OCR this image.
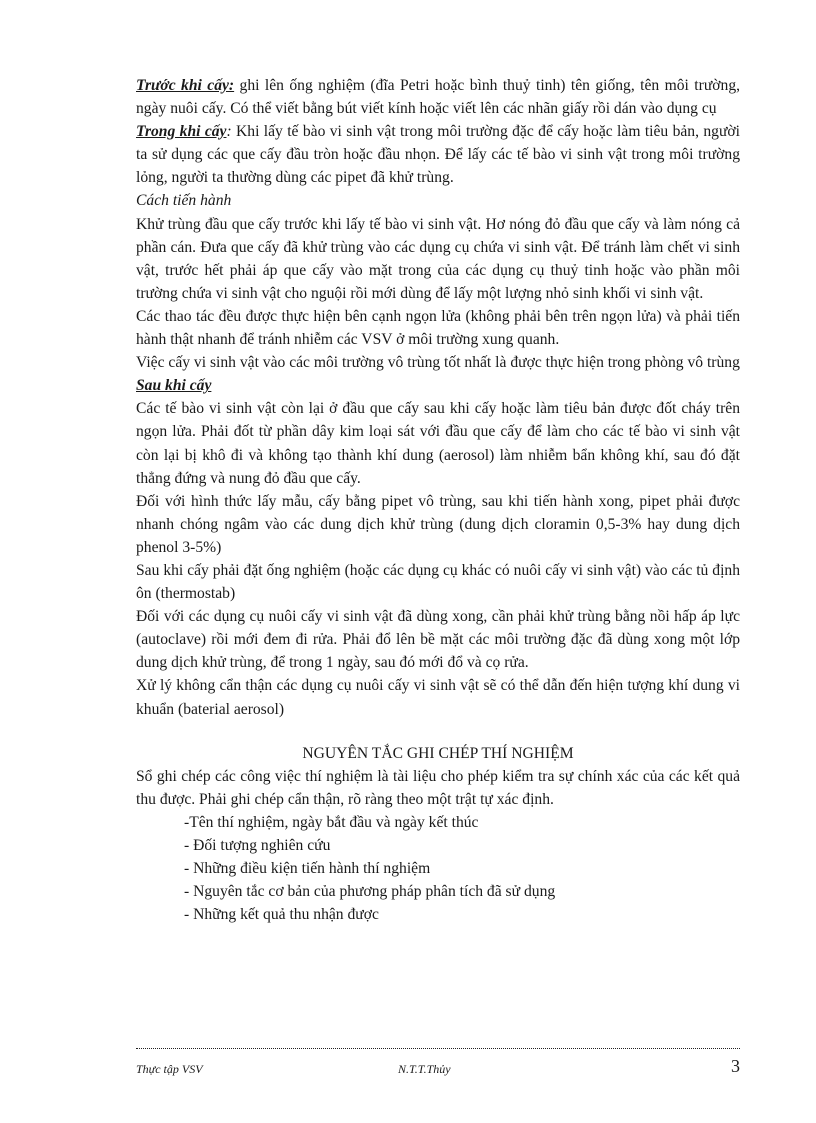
Trước khi cấy: ghi lên ống nghiệm (đĩa Petri hoặc bình thuỷ tinh) tên giống, tên môi trường, ngày nuôi cấy. Có thể viết bằng bút viết kính hoặc viết lên các nhãn giấy rồi dán vào dụng cụ

Trong khi cấy: Khi lấy tế bào vi sinh vật trong môi trường đặc để cấy hoặc làm tiêu bản, người ta sử dụng các que cấy đầu tròn hoặc đầu nhọn. Để lấy các tế bào vi sinh vật trong môi trường lỏng, người ta thường dùng các pipet đã khử trùng.

Cách tiến hành

Khử trùng đầu que cấy trước khi lấy tế bào vi sinh vật. Hơ nóng đỏ đầu que cấy và làm nóng cả phần cán. Đưa que cấy đã khử trùng vào các dụng cụ chứa vi sinh vật. Để tránh làm chết vi sinh vật, trước hết phải áp que cấy vào mặt trong của các dụng cụ thuỷ tinh hoặc vào phần môi trường chứa vi sinh vật cho nguội rồi mới dùng để lấy một lượng nhỏ sinh khối vi sinh vật.

Các thao tác đều được thực hiện bên cạnh ngọn lửa (không phải bên trên ngọn lửa) và phải tiến hành thật nhanh để tránh nhiễm các VSV ở môi trường xung quanh.

Việc cấy vi sinh vật vào các môi trường vô trùng tốt nhất là được thực hiện trong phòng vô trùng

Sau khi cấy

Các tế bào vi sinh vật còn lại ở đầu que cấy sau khi cấy hoặc làm tiêu bản được đốt cháy trên ngọn lửa. Phải đốt từ phần dây kim loại sát với đầu que cấy để làm cho các tế bào vi sinh vật còn lại bị khô đi và không tạo thành khí dung (aerosol) làm nhiễm bẩn không khí, sau đó đặt thẳng đứng và nung đỏ đầu que cấy.

Đối với hình thức lấy mẫu, cấy bằng pipet vô trùng, sau khi tiến hành xong, pipet phải được nhanh chóng ngâm vào các dung dịch khử trùng (dung dịch cloramin 0,5-3% hay dung dịch phenol 3-5%)

Sau khi cấy phải đặt ống nghiệm (hoặc các dụng cụ khác có nuôi cấy vi sinh vật) vào các tủ định ôn (thermostab)

Đối với các dụng cụ nuôi cấy vi sinh vật đã dùng xong, cần phải khử trùng bằng nồi hấp áp lực (autoclave) rồi mới đem đi rửa. Phải đổ lên bề mặt các môi trường đặc đã dùng xong một lớp dung dịch khử trùng, để trong 1 ngày, sau đó mới đổ và cọ rửa.

Xử lý không cẩn thận các dụng cụ nuôi cấy vi sinh vật sẽ có thể dẫn đến hiện tượng khí dung vi khuẩn (baterial aerosol)

NGUYÊN TẮC GHI CHÉP THÍ NGHIỆM

Sổ ghi chép các công việc thí nghiệm là tài liệu cho phép kiểm tra sự chính xác của các kết quả thu được. Phải ghi chép cẩn thận, rõ ràng theo một trật tự xác định.

-Tên thí nghiệm, ngày bắt đầu và ngày kết thúc
- Đối tượng nghiên cứu
- Những điều kiện tiến hành thí nghiệm
- Nguyên tắc cơ bản của phương pháp phân tích đã sử dụng
- Những kết quả thu nhận được
Thực tập VSV	N.T.T.Thủy	3
